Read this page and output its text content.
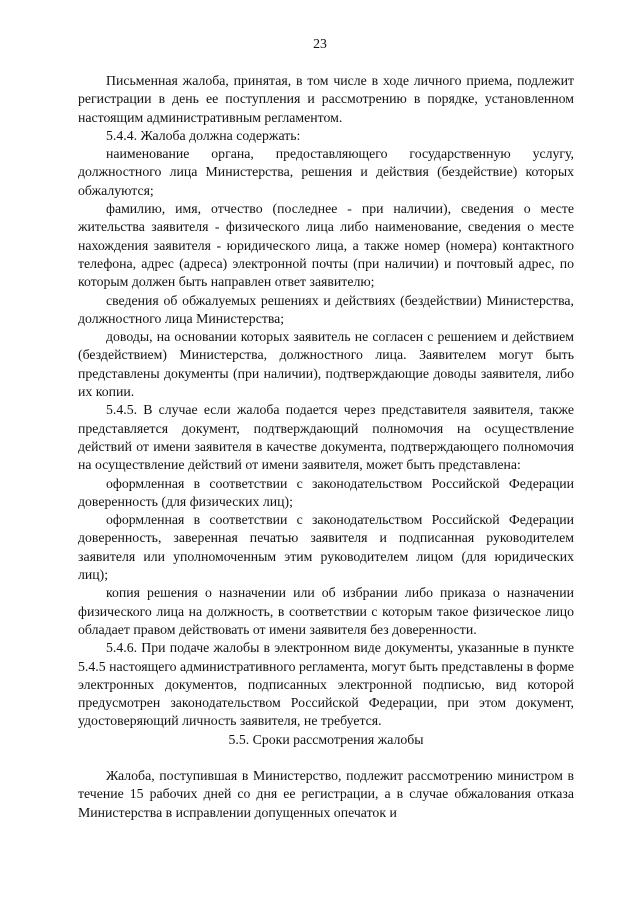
23

Письменная жалоба, принятая, в том числе в ходе личного приема, подлежит регистрации в день ее поступления и рассмотрению в порядке, установленном настоящим административным регламентом.

5.4.4. Жалоба должна содержать:

наименование органа, предоставляющего государственную услугу, должностного лица Министерства, решения и действия (бездействие) которых обжалуются;

фамилию, имя, отчество (последнее - при наличии), сведения о месте жительства заявителя - физического лица либо наименование, сведения о месте нахождения заявителя - юридического лица, а также номер (номера) контактного телефона, адрес (адреса) электронной почты (при наличии) и почтовый адрес, по которым должен быть направлен ответ заявителю;

сведения об обжалуемых решениях и действиях (бездействии) Министерства, должностного лица Министерства;

доводы, на основании которых заявитель не согласен с решением и действием (бездействием) Министерства, должностного лица. Заявителем могут быть представлены документы (при наличии), подтверждающие доводы заявителя, либо их копии.

5.4.5. В случае если жалоба подается через представителя заявителя, также представляется документ, подтверждающий полномочия на осуществление действий от имени заявителя в качестве документа, подтверждающего полномочия на осуществление действий от имени заявителя, может быть представлена:

оформленная в соответствии с законодательством Российской Федерации доверенность (для физических лиц);

оформленная в соответствии с законодательством Российской Федерации доверенность, заверенная печатью заявителя и подписанная руководителем заявителя или уполномоченным этим руководителем лицом (для юридических лиц);

копия решения о назначении или об избрании либо приказа о назначении физического лица на должность, в соответствии с которым такое физическое лицо обладает правом действовать от имени заявителя без доверенности.

5.4.6. При подаче жалобы в электронном виде документы, указанные в пункте 5.4.5 настоящего административного регламента, могут быть представлены в форме электронных документов, подписанных электронной подписью, вид которой предусмотрен законодательством Российской Федерации, при этом документ, удостоверяющий личность заявителя, не требуется.

5.5. Сроки рассмотрения жалобы

Жалоба, поступившая в Министерство, подлежит рассмотрению министром в течение 15 рабочих дней со дня ее регистрации, а в случае обжалования отказа Министерства в исправлении допущенных опечаток и
